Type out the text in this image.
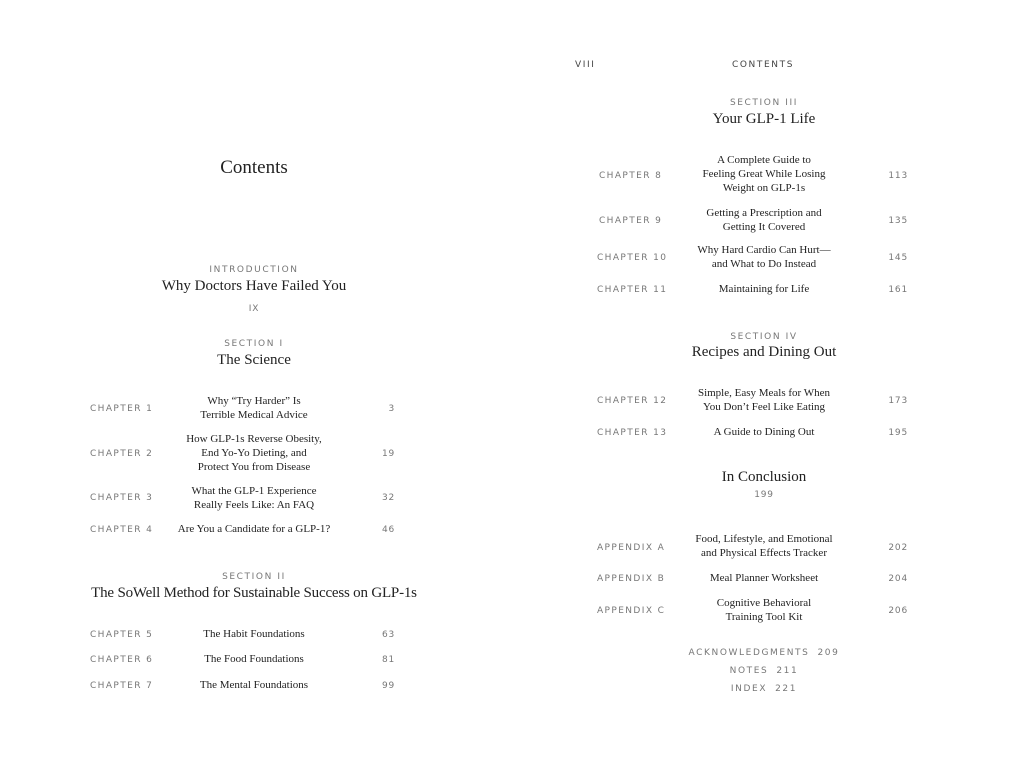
Contents
INTRODUCTION
Why Doctors Have Failed You
IX
SECTION I
The Science
CHAPTER 1
Why “Try Harder” Is
Terrible Medical Advice	3
CHAPTER 2
How GLP-1s Reverse Obesity,
End Yo-Yo Dieting, and
Protect You from Disease
19
CHAPTER 3
What the GLP-1 Experience
Really Feels Like: An FAQ
32
CHAPTER 4	Are You a Candidate for a GLP-1?	46
SECTION II
The SoWell Method for Sustainable Success on GLP-1s
CHAPTER 5	The Habit Foundations	63
CHAPTER 6	The Food Foundations	81
CHAPTER 7	The Mental Foundations	99
VIII	CONTENTS
SECTION III
Your GLP-1 Life
CHAPTER 8
A Complete Guide to
Feeling Great While Losing
Weight on GLP-1s
113
CHAPTER 9
Getting a Prescription and
Getting It Covered	135
CHAPTER 10
Why Hard Cardio Can Hurt—
and What to Do Instead	145
CHAPTER 11	Maintaining for Life	161
SECTION IV
Recipes and Dining Out
CHAPTER 12
Simple, Easy Meals for When
You Don’t Feel Like Eating	173
CHAPTER 13	A Guide to Dining Out	195
In Conclusion
199
APPENDIX A
Food, Lifestyle, and Emotional
and Physical Effects Tracker	202
APPENDIX B	Meal Planner Worksheet	204
APPENDIX C
Cognitive Behavioral
Training Tool Kit	206
ACKNOWLEDGMENTS 209
NOTES 211
INDEX 221
